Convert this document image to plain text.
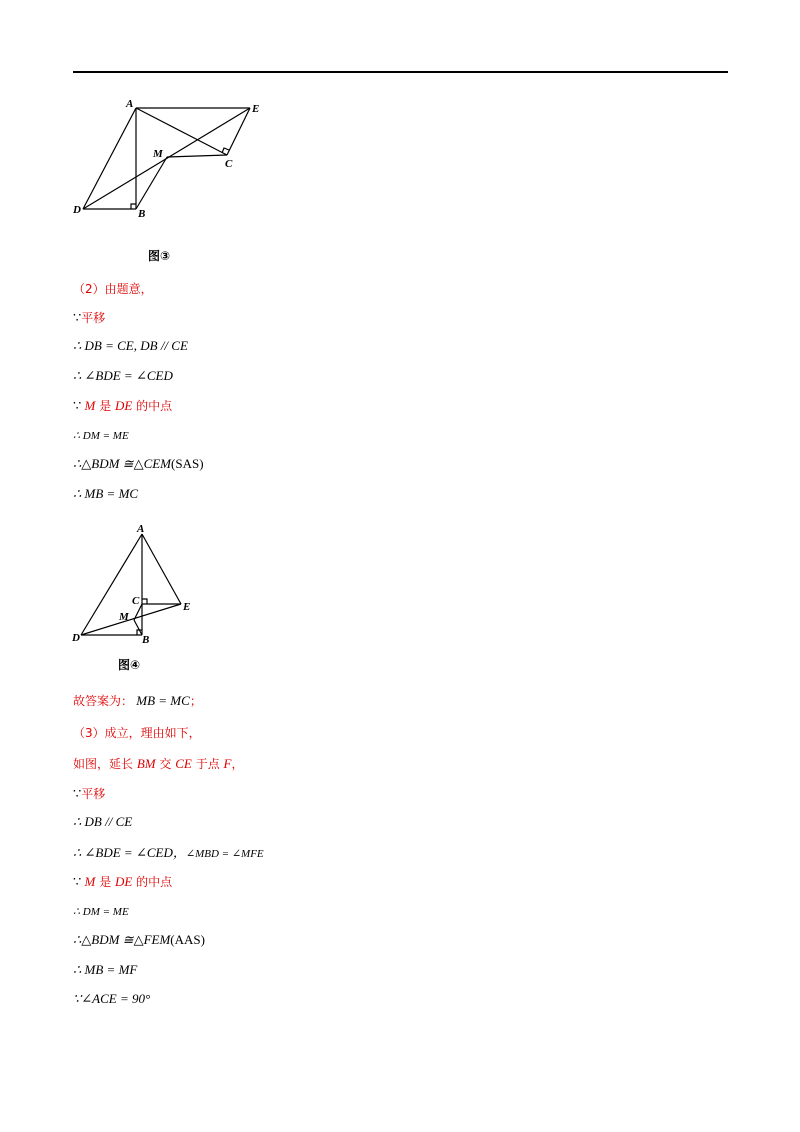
A	E
M
C
D	B
图③
（2）由题意，
∵平移
∴ DB = CE, DB // CE
∴ ∠BDE = ∠CED
∵ M 是 DE 的中点
∴ DM = ME
∴△BDM ≅△CEM(SAS)
∴ MB = MC
A
C	E
M
D	B
图④
故答案为： MB = MC；
（3）成立，理由如下，
如图，延长 BM 交 CE 于点 F，
∵平移
∴ DB // CE
∴ ∠BDE = ∠CED，∠MBD = ∠MFE
∵ M 是 DE 的中点
∴ DM = ME
∴△BDM ≅△FEM(AAS)
∴ MB = MF
∵∠ACE = 90°
